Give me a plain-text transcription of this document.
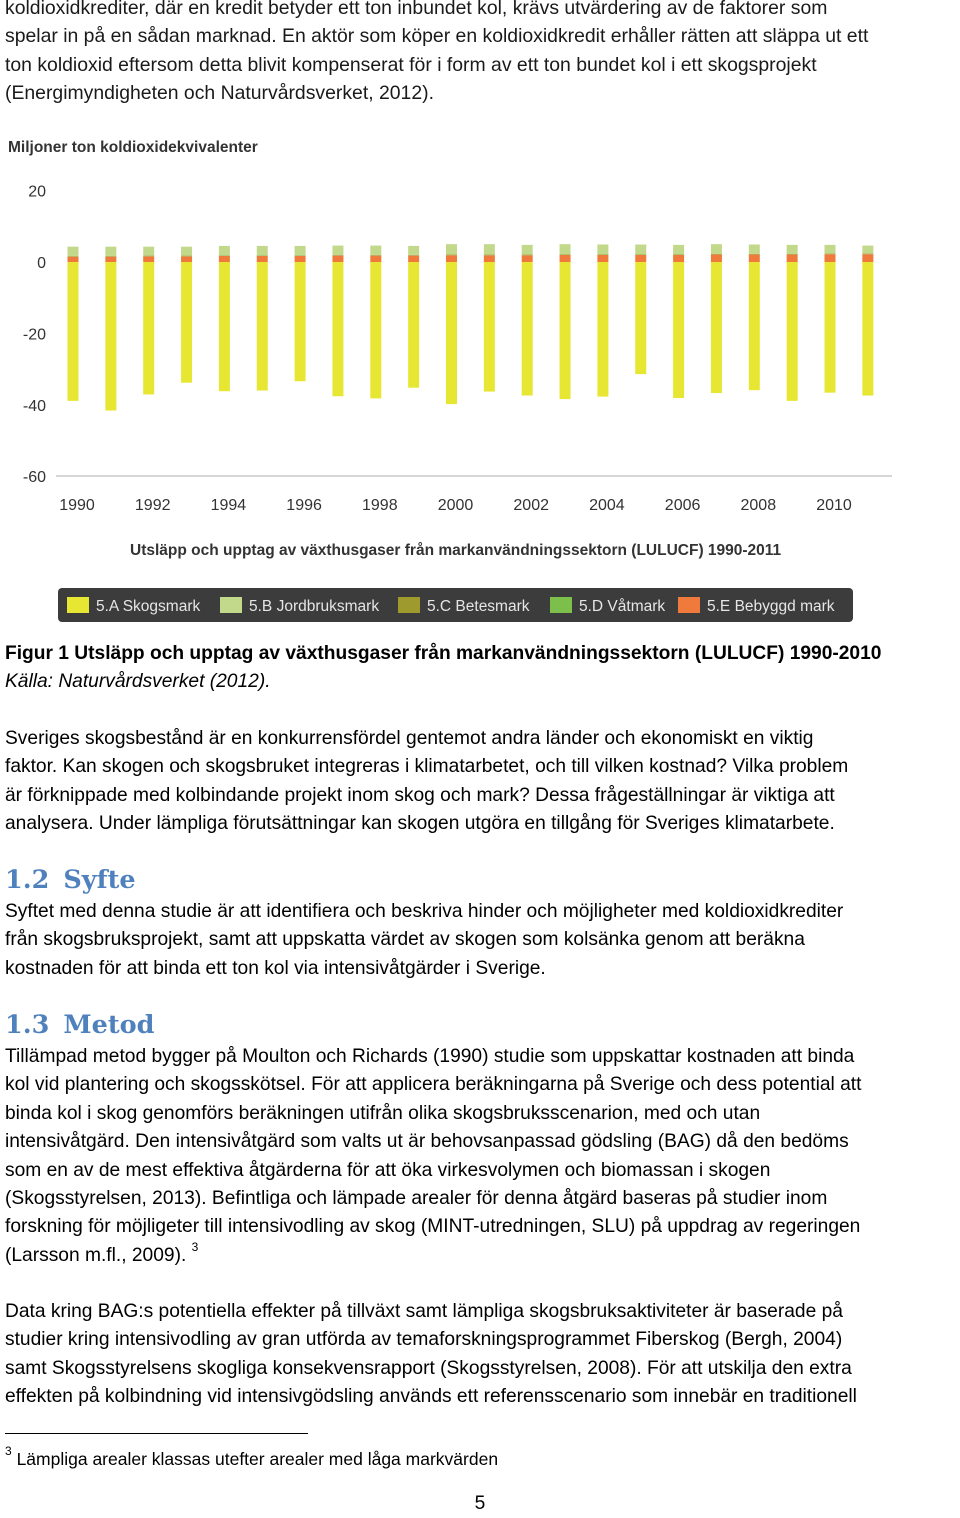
koldioxidkrediter, där en kredit betyder ett ton inbundet kol, krävs utvärdering av de faktorer som
spelar in på en sådan marknad. En aktör som köper en koldioxidkredit erhåller rätten att släppa ut ett
ton koldioxid eftersom detta blivit kompenserat för i form av ett ton bundet kol i ett skogsprojekt
(Energimyndigheten och Naturvårdsverket, 2012).
Miljoner ton koldioxidekvivalenter
20
0
-20
-40
-60
1990	1992	1994	1996	1998	2000	2002	2004	2006	2008	2010
Utsläpp och upptag av växthusgaser från markanvändningssektorn (LULUCF) 1990-2011
5.A Skogsmark	5.B Jordbruksmark	5.C Betesmark	5.D Våtmark	5.E Bebyggd mark
Figur 1 Utsläpp och upptag av växthusgaser från markanvändningssektorn (LULUCF) 1990-2010
Källa: Naturvårdsverket (2012).
Sveriges skogsbestånd är en konkurrensfördel gentemot andra länder och ekonomiskt en viktig
faktor. Kan skogen och skogsbruket integreras i klimatarbetet, och till vilken kostnad? Vilka problem
är förknippade med kolbindande projekt inom skog och mark? Dessa frågeställningar är viktiga att
analysera. Under lämpliga förutsättningar kan skogen utgöra en tillgång för Sveriges klimatarbete.
1.2 Syfte
Syftet med denna studie är att identifiera och beskriva hinder och möjligheter med koldioxidkrediter
från skogsbruksprojekt, samt att uppskatta värdet av skogen som kolsänka genom att beräkna
kostnaden för att binda ett ton kol via intensivåtgärder i Sverige.
1.3 Metod
Tillämpad metod bygger på Moulton och Richards (1990) studie som uppskattar kostnaden att binda
kol vid plantering och skogsskötsel. För att applicera beräkningarna på Sverige och dess potential att
binda kol i skog genomförs beräkningen utifrån olika skogsbruksscenarion, med och utan
intensivåtgärd. Den intensivåtgärd som valts ut är behovsanpassad gödsling (BAG) då den bedöms
som en av de mest effektiva åtgärderna för att öka virkesvolymen och biomassan i skogen
(Skogsstyrelsen, 2013). Befintliga och lämpade arealer för denna åtgärd baseras på studier inom
forskning för möjligeter till intensivodling av skog (MINT-utredningen, SLU) på uppdrag av regeringen
(Larsson m.fl., 2009). $^3$
Data kring BAG:s potentiella effekter på tillväxt samt lämpliga skogsbruksaktiviteter är baserade på
studier kring intensivodling av gran utförda av temaforskningsprogrammet Fiberskog (Bergh, 2004)
samt Skogsstyrelsens skogliga konsekvensrapport (Skogsstyrelsen, 2008). För att utskilja den extra
effekten på kolbindning vid intensivgödsling används ett referensscenario som innebär en traditionell
$^3$ Lämpliga arealer klassas utefter arealer med låga markvärden
5
